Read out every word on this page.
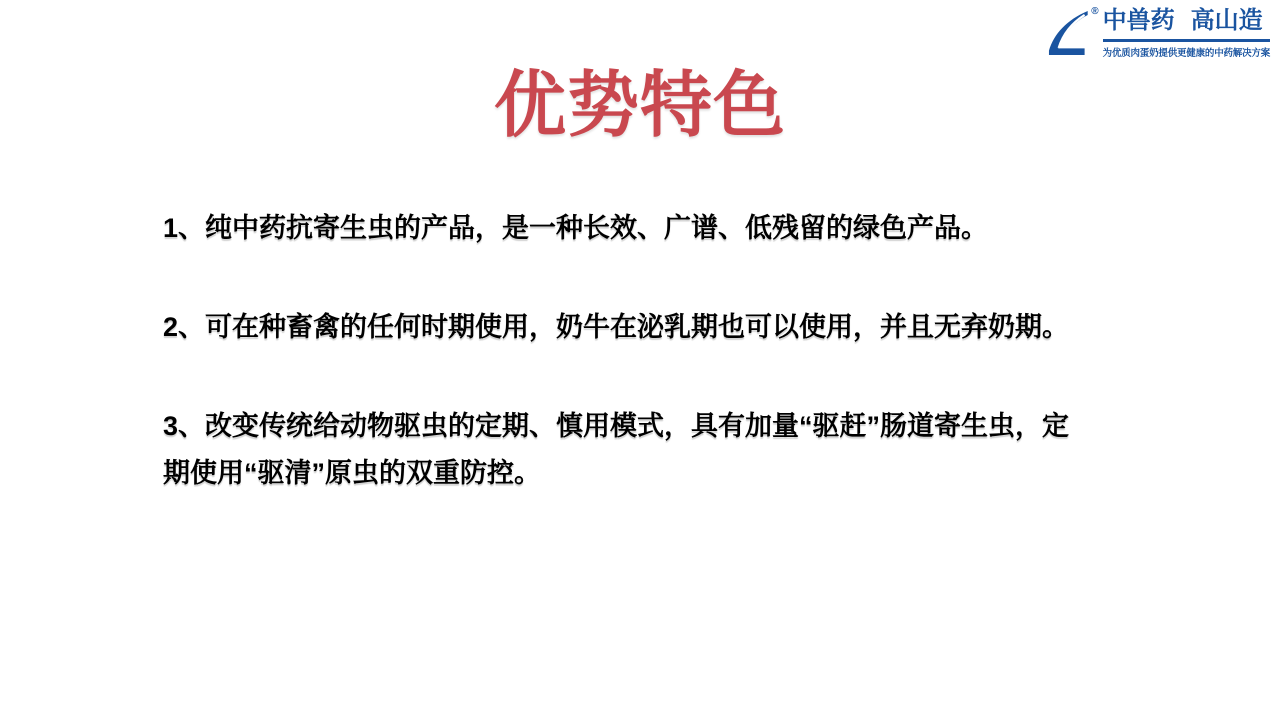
® 中兽药 高山造
为优质肉蛋奶提供更健康的中药解决方案
优势特色
1、纯中药抗寄生虫的产品，是一种长效、广谱、低残留的绿色产品。
2、可在种畜禽的任何时期使用，奶牛在泌乳期也可以使用，并且无弃奶期。
3、改变传统给动物驱虫的定期、慎用模式，具有加量“驱赶”肠道寄生虫，定
期使用“驱清”原虫的双重防控。
